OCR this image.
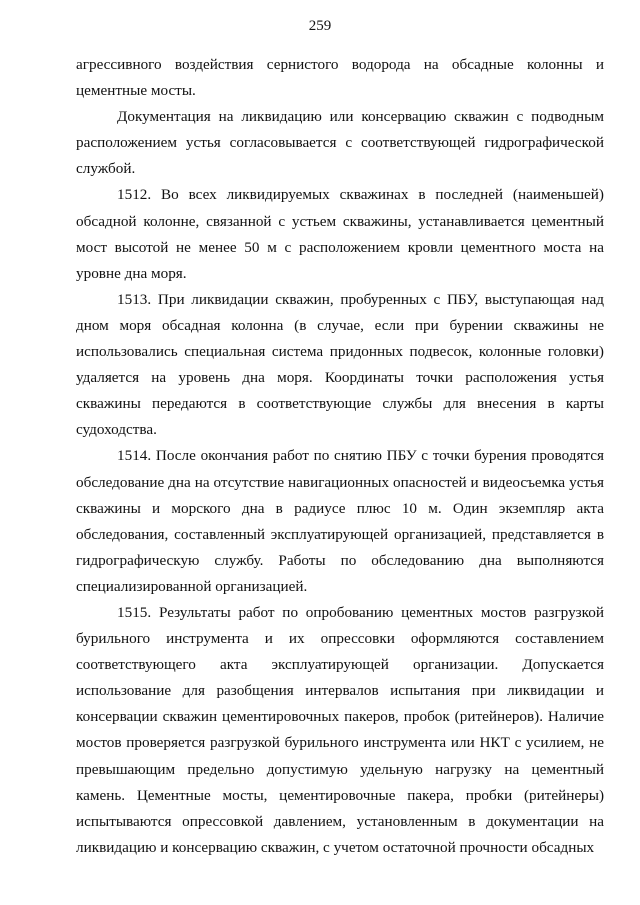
259

агрессивного воздействия сернистого водорода на обсадные колонны и цементные мосты.

Документация на ликвидацию или консервацию скважин с подводным расположением устья согласовывается с соответствующей гидрографической службой.

1512. Во всех ликвидируемых скважинах в последней (наименьшей) обсадной колонне, связанной с устьем скважины, устанавливается цементный мост высотой не менее 50 м с расположением кровли цементного моста на уровне дна моря.

1513. При ликвидации скважин, пробуренных с ПБУ, выступающая над дном моря обсадная колонна (в случае, если при бурении скважины не использовались специальная система придонных подвесок, колонные головки) удаляется на уровень дна моря. Координаты точки расположения устья скважины передаются в соответствующие службы для внесения в карты судоходства.

1514. После окончания работ по снятию ПБУ с точки бурения проводятся обследование дна на отсутствие навигационных опасностей и видеосъемка устья скважины и морского дна в радиусе плюс 10 м. Один экземпляр акта обследования, составленный эксплуатирующей организацией, представляется в гидрографическую службу. Работы по обследованию дна выполняются специализированной организацией.

1515. Результаты работ по опробованию цементных мостов разгрузкой бурильного инструмента и их опрессовки оформляются составлением соответствующего акта эксплуатирующей организации. Допускается использование для разобщения интервалов испытания при ликвидации и консервации скважин цементировочных пакеров, пробок (ритейнеров). Наличие мостов проверяется разгрузкой бурильного инструмента или НКТ с усилием, не превышающим предельно допустимую удельную нагрузку на цементный камень. Цементные мосты, цементировочные пакера, пробки (ритейнеры) испытываются опрессовкой давлением, установленным в документации на ликвидацию и консервацию скважин, с учетом остаточной прочности обсадных
